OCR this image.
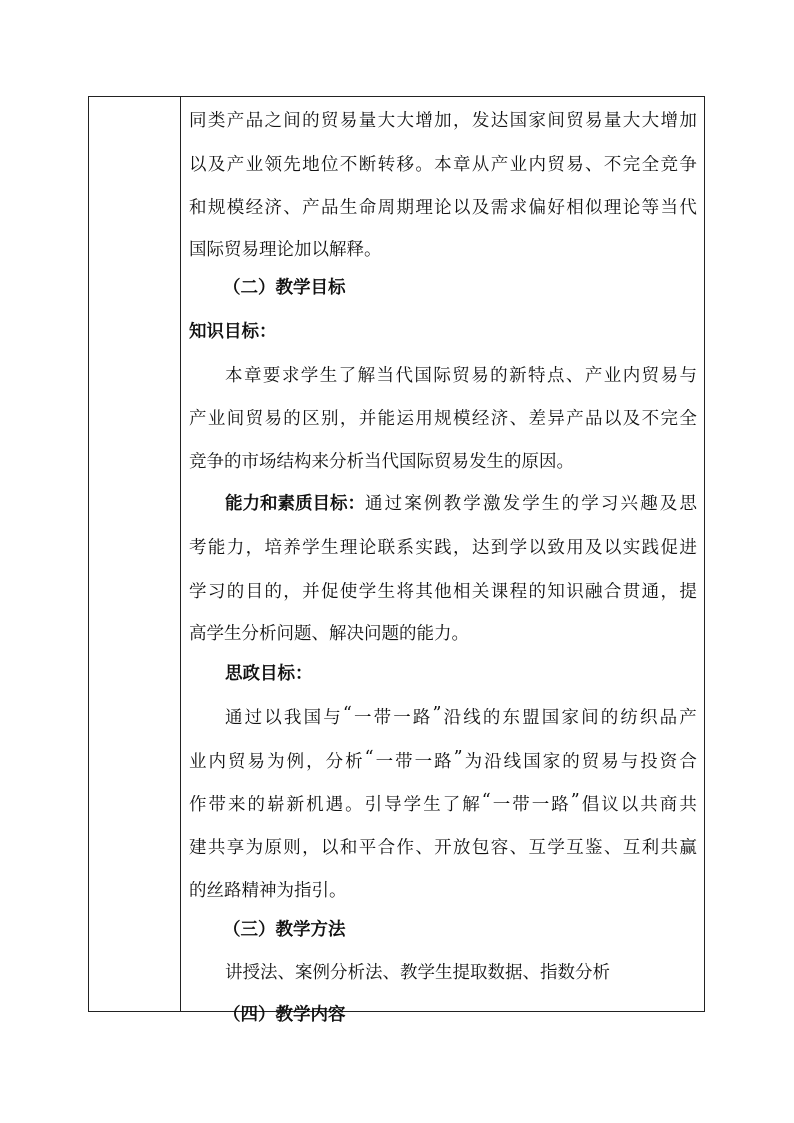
同 类 产 品 之 间 的 贸 易 量 大 大 增 加 ， 发 达 国 家 间 贸 易 量 大 大 增 加
以 及 产 业 领 先 地 位 不 断 转 移 。 本 章 从 产 业 内 贸 易 、 不 完 全 竞 争
和 规 模 经 济 、 产 品 生 命 周 期 理 论 以 及 需 求 偏 好 相 似 理 论 等 当 代
国际贸易理论加以解释。
（二）教学目标
知识目标：
本 章 要 求 学 生 了 解 当 代 国 际 贸 易 的 新 特 点 、 产 业 内 贸 易 与
产 业 间 贸 易 的 区 别 ， 并 能 运 用 规 模 经 济 、 差 异 产 品 以 及 不 完 全
竞争的市场结构来分析当代国际贸易发生的原因。
能力和素质目标： 通 过 案 例 教 学 激 发 学 生 的 学 习 兴 趣 及 思
考 能 力 ， 培 养 学 生 理 论 联 系 实 践 ， 达 到 学 以 致 用 及 以 实 践 促 进
学 习 的 目 的 ， 并 促 使 学 生 将 其 他 相 关 课 程 的 知 识 融 合 贯 通 ， 提
高学生分析问题、解决问题的能力。
思政目标：
通 过 以 我 国 与 “ 一 带 一 路 ” 沿 线 的 东 盟 国 家 间 的 纺 织 品 产
业 内 贸 易 为 例 ， 分 析 “ 一 带 一 路 ” 为 沿 线 国 家 的 贸 易 与 投 资 合
作 带 来 的 崭 新 机 遇 。 引 导 学 生 了 解 “ 一 带 一 路 ” 倡 议 以 共 商 共
建 共 享 为 原 则 ， 以 和 平 合 作 、 开 放 包 容 、 互 学 互 鉴 、 互 利 共 赢
的丝路精神为指引。
（三）教学方法
讲授法、案例分析法、教学生提取数据、指数分析
（四）教学内容
